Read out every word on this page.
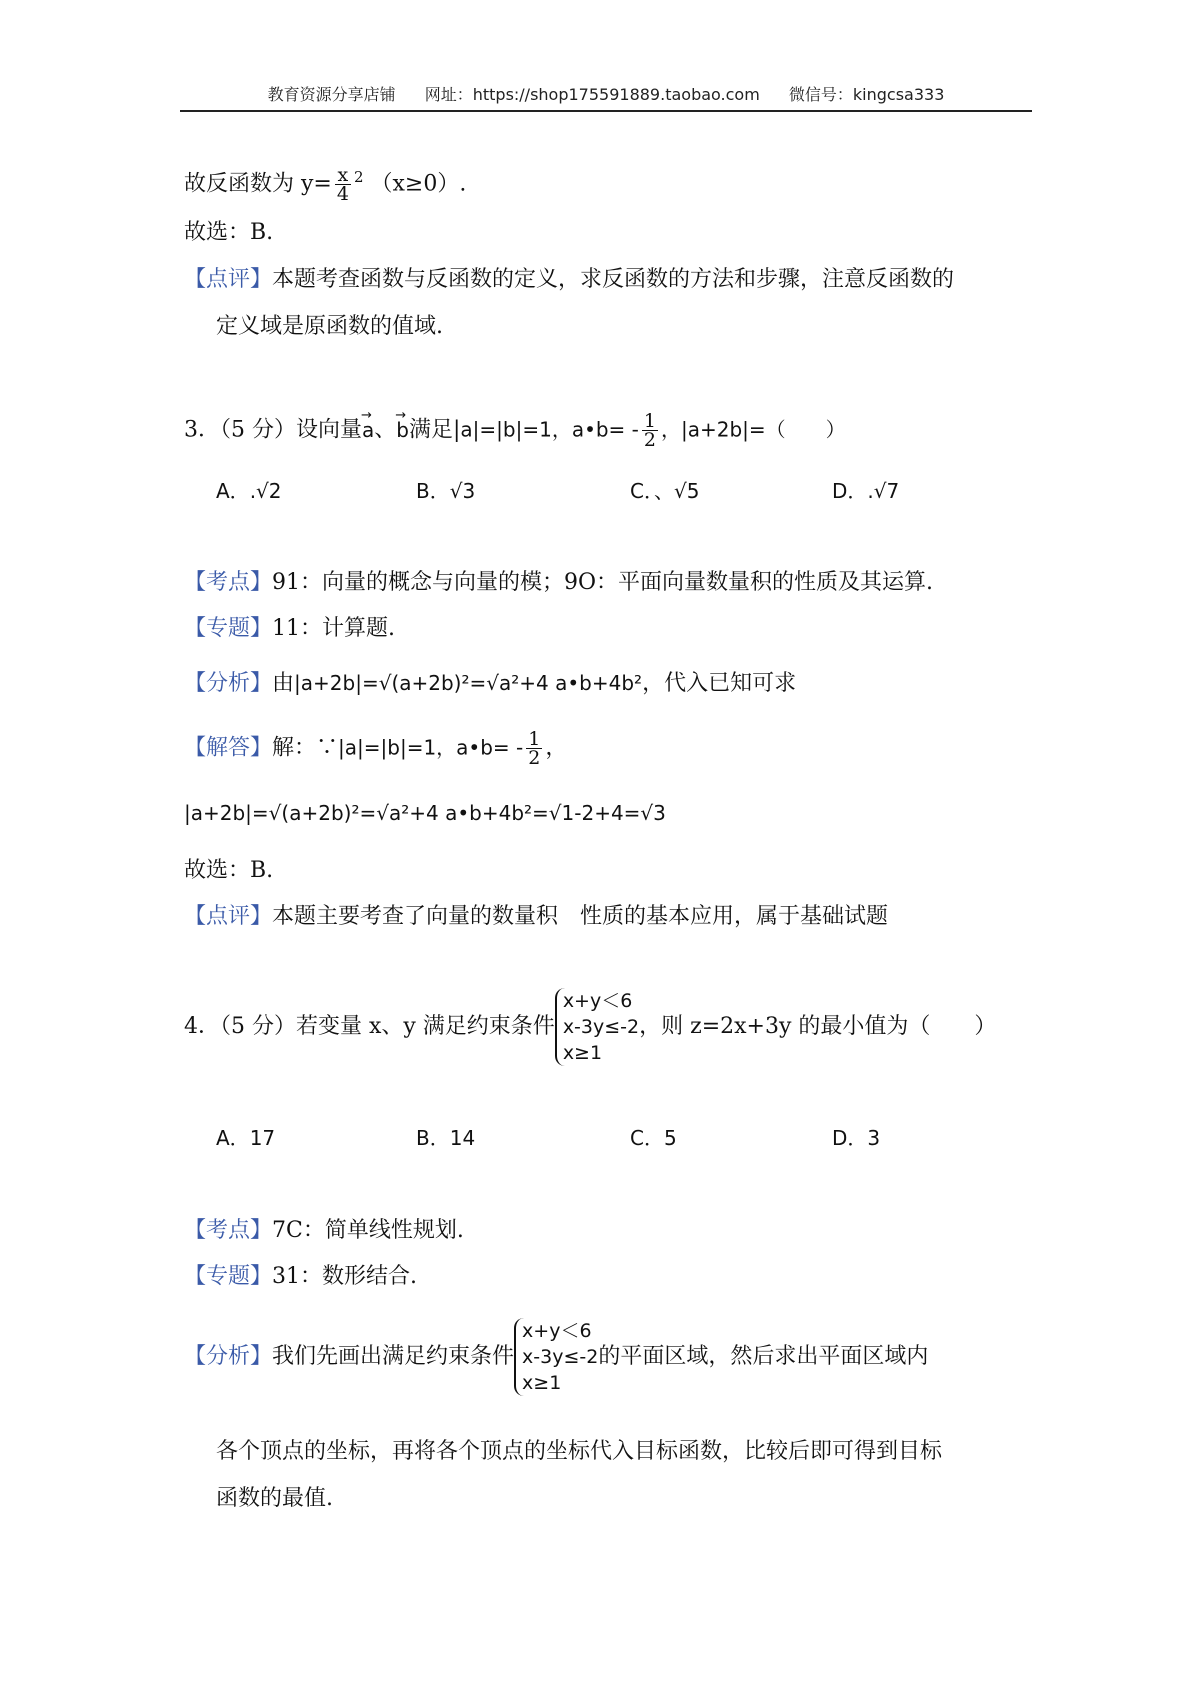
教育资源分享店铺 网址：https://shop175591889.taobao.com 微信号：kingcsa333
故反函数为 $y= \frac{x}{4} ^2$ （x≥0）.
故选：B.
【点评】本题考查函数与反函数的定义，求反函数的方法和步骤，注意反函数的
定义域是原函数的值域.
3．（5 分）设向量→ a、→ b满足|a|=|b|=1，a•b= - $\frac{1}{2}$ ，|a+2b|=（　　）
A．.√2	B．√3	C．、√5	D．.√7
【考点】91：向量的概念与向量的模；9O：平面向量数量积的性质及其运算.
【专题】11：计算题.
【分析】由|a+2b|=√(a+2b)²=√a²+4 a•b+4b²，代入已知可求
【解答】解：∵|a|=|b|=1，a•b= - $\frac{1}{2}$ ，
|a+2b|=√(a+2b)²=√a²+4 a•b+4b²=√1-2+4=√3
故选：B.
【点评】本题主要考查了向量的数量积　性质的基本应用，属于基础试题
4．（5 分）若变量 x、y 满足约束条件
x+y＜6
x-3y≤-2
x≥1
，则 z=2x+3y 的最小值为（　　）
A．17	B．14	C．5	D．3
【考点】7C：简单线性规划.
【专题】31：数形结合.
【分析】我们先画出满足约束条件
x+y＜6
x-3y≤-2
x≥1
的平面区域，然后求出平面区域内
各个顶点的坐标，再将各个顶点的坐标代入目标函数，比较后即可得到目标
函数的最值.
